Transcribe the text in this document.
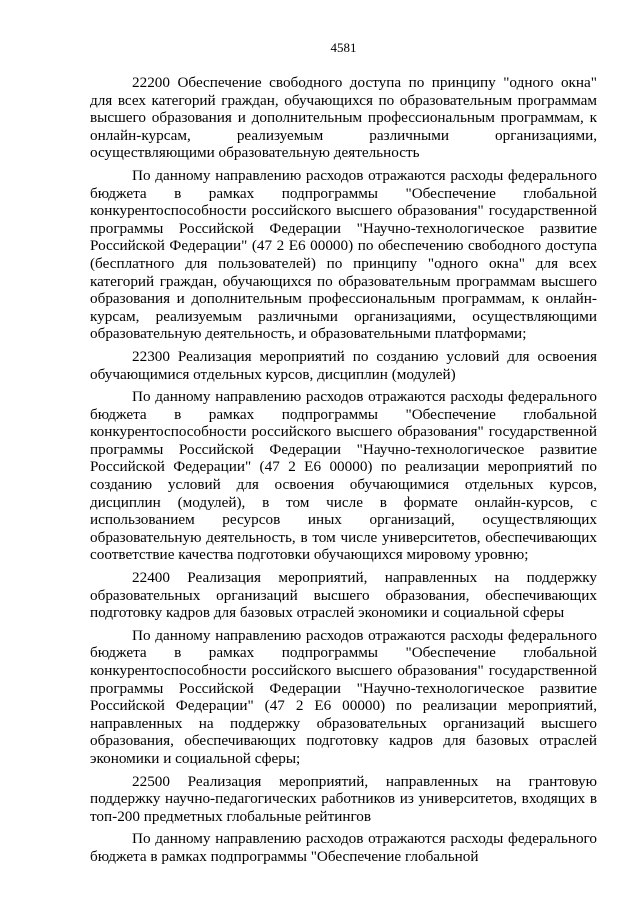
4581

22200 Обеспечение свободного доступа по принципу "одного окна" для всех категорий граждан, обучающихся по образовательным программам высшего образования и дополнительным профессиональным программам, к онлайн-курсам, реализуемым различными организациями, осуществляющими образовательную деятельность

По данному направлению расходов отражаются расходы федерального бюджета в рамках подпрограммы "Обеспечение глобальной конкурентоспособности российского высшего образования" государственной программы Российской Федерации "Научно-технологическое развитие Российской Федерации" (47 2 Е6 00000) по обеспечению свободного доступа (бесплатного для пользователей) по принципу "одного окна" для всех категорий граждан, обучающихся по образовательным программам высшего образования и дополнительным профессиональным программам, к онлайн-курсам, реализуемым различными организациями, осуществляющими образовательную деятельность, и образовательными платформами;

22300 Реализация мероприятий по созданию условий для освоения обучающимися отдельных курсов, дисциплин (модулей)

По данному направлению расходов отражаются расходы федерального бюджета в рамках подпрограммы "Обеспечение глобальной конкурентоспособности российского высшего образования" государственной программы Российской Федерации "Научно-технологическое развитие Российской Федерации" (47 2 Е6 00000) по реализации мероприятий по созданию условий для освоения обучающимися отдельных курсов, дисциплин (модулей), в том числе в формате онлайн-курсов, с использованием ресурсов иных организаций, осуществляющих образовательную деятельность, в том числе университетов, обеспечивающих соответствие качества подготовки обучающихся мировому уровню;

22400 Реализация мероприятий, направленных на поддержку образовательных организаций высшего образования, обеспечивающих подготовку кадров для базовых отраслей экономики и социальной сферы

По данному направлению расходов отражаются расходы федерального бюджета в рамках подпрограммы "Обеспечение глобальной конкурентоспособности российского высшего образования" государственной программы Российской Федерации "Научно-технологическое развитие Российской Федерации" (47 2 Е6 00000) по реализации мероприятий, направленных на поддержку образовательных организаций высшего образования, обеспечивающих подготовку кадров для базовых отраслей экономики и социальной сферы;

22500 Реализация мероприятий, направленных на грантовую поддержку научно-педагогических работников из университетов, входящих в топ-200 предметных глобальные рейтингов

По данному направлению расходов отражаются расходы федерального бюджета в рамках подпрограммы "Обеспечение глобальной
